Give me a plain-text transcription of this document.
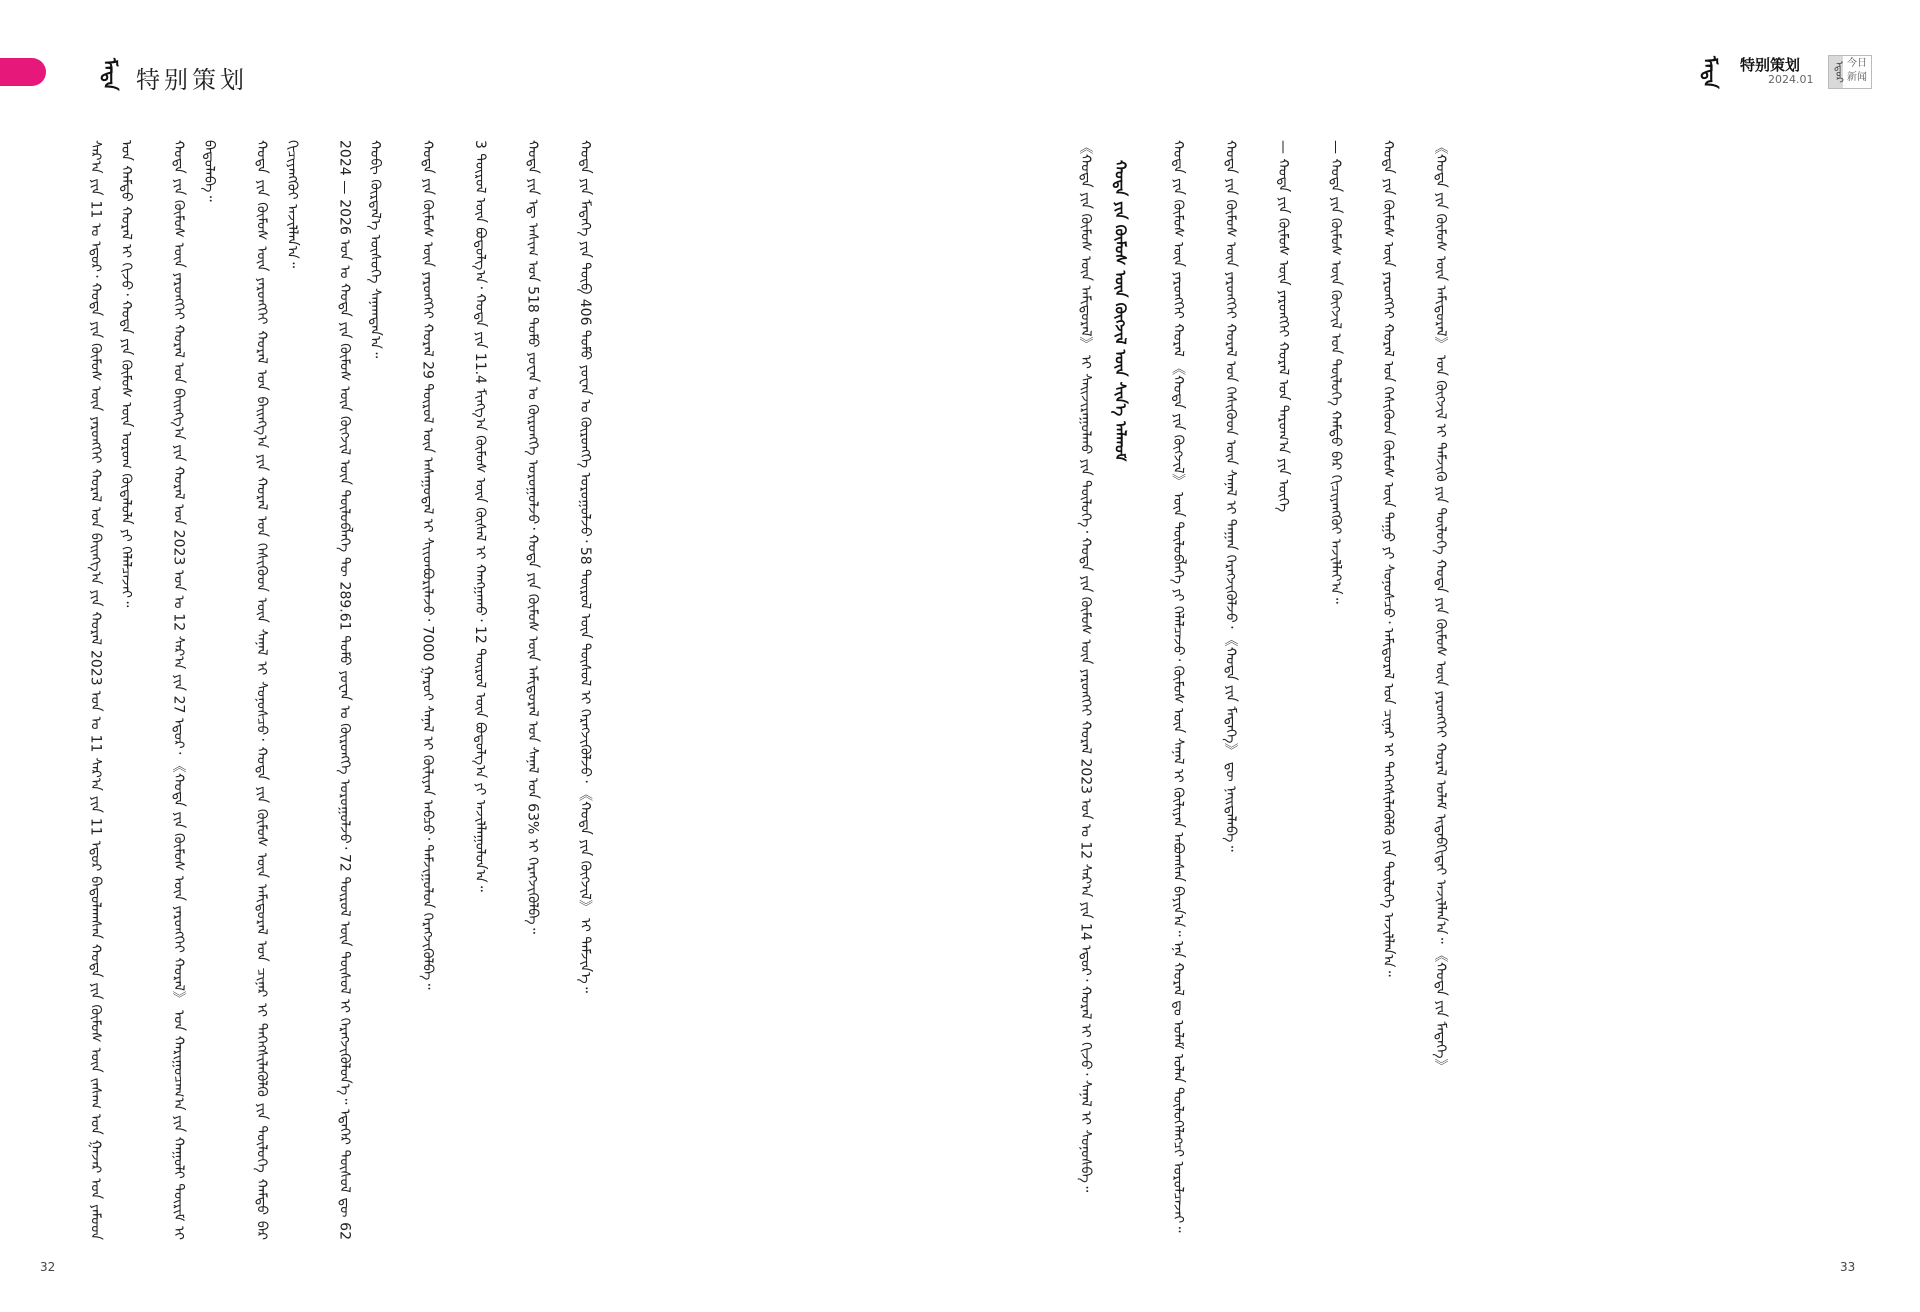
ᠮᠡᠳᠡ 特别策划
ᠰᠠᠷ᠎ᠠ ᠶᠢᠨ 11 ᠤ ᠡᠳᠦᠷ᠂ ᠬᠤᠲᠠ ᠶᠢᠨ ᠬᠦᠮᠦᠰ ᠦᠨ ᠶᠡᠷᠦᠩᠬᠡᠢ ᠬᠤᠷᠠᠯ ᠤᠨ ᠪᠠᠢᠩᠭ᠎ᠠ ᠶᠢᠨ ᠬᠤᠷᠠᠯ 2023 ᠤᠨ ᠤ 11 ᠰᠠᠷ᠎ᠠ ᠶᠢᠨ 11 ᠡᠳᠦᠷ ᠪᠠᠳᠤᠯᠠᠭᠰᠠᠨ ᠬᠤᠲᠠ ᠶᠢᠨ ᠬᠦᠮᠦᠰ ᠦᠨ ᠵᠠᠰᠠᠭ ᠤᠨ ᠭᠠᠵᠠᠷ ᠤᠨ ᠶᠠᠮᠤᠳ ᠤᠨ ᠬᠠᠮᠲᠤ ᠬᠤᠷᠠᠯ ᠢ ᠬᠢᠵᠦ᠂ ᠬᠤᠲᠠ ᠶᠢᠨ ᠬᠦᠮᠦᠰ ᠦᠨ ᠤᠷᠤᠬ ᠬᠦᠳᠡᠯᠦᠯᠡ ᠶᠢ ᠬᠡᠯᠡᠯᠴᠡᠵᠡᠢ᠃	ᠬᠤᠲᠠ ᠶᠢᠨ ᠬᠦᠮᠦᠰ ᠦᠨ ᠶᠡᠷᠦᠩᠬᠡᠢ ᠬᠤᠷᠠᠯ ᠤᠨ ᠪᠠᠢᠩᠭ᠎ᠠ ᠶᠢᠨ ᠬᠤᠷᠠᠯ ᠤᠨ 2023 ᠤᠨ ᠤ 12 ᠰᠠᠷ᠎ᠠ ᠶᠢᠨ 27 ᠡᠳᠦᠷ᠂ 《ᠬᠤᠲᠠ ᠶᠢᠨ ᠬᠦᠮᠦᠰ ᠦᠨ ᠶᠡᠷᠦᠩᠬᠡᠢ ᠬᠤᠷᠠᠯ》 ᠤᠨ ᠬᠠᠷᠢᠭᠤᠴᠠᠭ᠎ᠠ ᠶᠢᠨ ᠬᠠᠭᠤᠯᠢ ᠳᠦᠷᠢᠮ ᠢ ᠪᠠᠲᠤᠯᠠᠪᠠ᠃	ᠬᠤᠲᠠ ᠶᠢᠨ ᠬᠦᠮᠦᠰ ᠦᠨ ᠶᠡᠷᠦᠩᠬᠡᠢ ᠬᠤᠷᠠᠯ ᠤᠨ ᠪᠠᠢᠩᠭ᠎ᠠ ᠶᠢᠨ ᠬᠤᠷᠠᠯ ᠤᠨ ᠭᠡᠰᠢᠭᠦᠳ ᠦᠨ ᠰᠠᠨᠠᠯ ᠢ ᠰᠤᠨᠤᠰᠴᠤ᠂ ᠬᠤᠲᠠ ᠶᠢᠨ ᠬᠦᠮᠦᠰ ᠦᠨ ᠠᠮᠢᠳᠤᠷᠠᠯ ᠤᠨ ᠴᠢᠨᠠᠷ ᠢ ᠳᠡᠭᠡᠭᠰᠢᠯᠡᠭᠦᠯᠬᠦ ᠶᠢᠨ ᠲᠥᠯᠥᠭᠡ ᠬᠠᠮᠲᠤ ᠪᠠᠷ ᠬᠢᠴᠢᠶᠡᠩᠭᠦᠢ ᠠᠵᠢᠯᠯᠠᠨ᠎ᠠ᠃	2024 — 2026 ᠤᠨ ᠤ ᠬᠤᠲᠠ ᠶᠢᠨ ᠬᠦᠮᠦᠰ ᠦᠨ ᠬᠥᠭᠵᠢᠯ ᠦᠨ ᠲᠥᠯᠥᠪᠯᠡᠭᠡ ᠲᠦ 289.61 ᠲᠤᠮᠤ ᠶᠤᠸᠠᠨ ᠤ ᠬᠥᠷᠥᠩᠭᠡ ᠣᠷᠤᠭᠤᠯᠵᠤ᠂ 72 ᠲᠦᠷᠦᠯ ᠦᠨ ᠲᠥᠰᠥᠯ ᠢ ᠬᠡᠷᠡᠭᠵᠢᠭᠦᠯᠦᠨ᠎ᠡ᠃ ᠡᠳᠡᠭᠡᠷ ᠲᠥᠰᠥᠯ ᠳᠦ 62 ᠬᠤᠪᠢ ᠬᠦᠷᠲᠡᠯ᠎ᠡ ᠥᠰᠦᠭᠡ ᠰᠠᠨᠠᠭᠳᠠᠨ᠎ᠠ᠃	ᠬᠤᠲᠠ ᠶᠢᠨ ᠬᠦᠮᠦᠰ ᠦᠨ ᠶᠡᠷᠦᠩᠬᠡᠢ ᠬᠤᠷᠠᠯ 29 ᠲᠦᠷᠦᠯ ᠦᠨ ᠠᠰᠠᠭᠤᠳᠠᠯ ᠢ ᠰᠢᠢᠳᠪᠦᠷᠢᠯᠡᠵᠦ᠂ 7000 ᠭᠠᠷᠤᠢ ᠰᠠᠨᠠᠯ ᠢ ᠬᠦᠯᠢᠶᠡᠨ ᠠᠪᠴᠤ᠂ ᠳᠠᠮᠵᠢᠭᠤᠯᠤᠨ ᠬᠡᠷᠡᠭᠵᠢᠭᠦᠯᠪᠡ᠃	3 ᠲᠦᠷᠦᠯ ᠦᠨ ᠪᠣᠳᠣᠯᠭ᠎ᠠ᠂ ᠬᠤᠲᠠ ᠶᠢᠨ 11.4 ᠮᠢᠩᠭ᠎ᠠ ᠬᠦᠮᠦᠰ ᠦᠨ ᠬᠦᠰᠡᠯ ᠢ ᠬᠠᠩᠭᠠᠬᠤ᠂ 12 ᠲᠦᠷᠦᠯ ᠦᠨ ᠪᠣᠳᠣᠯᠭ᠎ᠠ ᠶᠢ ᠠᠵᠢᠯᠯᠠᠭᠤᠯᠤᠨ᠎ᠠ᠃	ᠬᠤᠲᠠ ᠶᠢᠨ ᠡᠳ᠋ ᠠᠰᠢᠭ ᠤᠨ 518 ᠲᠤᠮᠤ ᠶᠤᠸᠠᠨ ᠤ ᠬᠥᠷᠥᠩᠭᠡ ᠣᠷᠤᠭᠤᠯᠵᠤ᠂ ᠬᠤᠲᠠ ᠶᠢᠨ ᠬᠦᠮᠦᠰ ᠦᠨ ᠠᠮᠢᠳᠤᠷᠠᠯ ᠤᠨ ᠰᠠᠨᠠᠯ ᠤᠨ 63% ᠢ ᠬᠡᠷᠡᠭᠵᠢᠭᠦᠯᠪᠡ᠃	ᠬᠤᠲᠠ ᠶᠢᠨ ᠮᠡᠳᠡᠭᠡ ᠶᠢᠨ ᠲᠥᠪ 406 ᠲᠤᠮᠤ ᠶᠤᠸᠠᠨ ᠤ ᠬᠥᠷᠥᠩᠭᠡ ᠣᠷᠤᠭᠤᠯᠵᠤ᠂ 58 ᠲᠦᠷᠦᠯ ᠦᠨ ᠲᠥᠰᠥᠯ ᠢ ᠬᠡᠷᠡᠭᠵᠢᠭᠦᠯᠵᠦ᠂ 《ᠬᠤᠲᠠ ᠶᠢᠨ ᠬᠥᠭᠵᠢᠯ》 ᠢ ᠳᠡᠮᠵᠢᠨ᠎ᠡ᠃
32
ᠮᠡᠳᠡ 特别策划
2024.01	ᠡᠳᠦᠷ 今日
新闻
《ᠬᠤᠲᠠ ᠶᠢᠨ ᠬᠦᠮᠦᠰ ᠦᠨ ᠠᠮᠢᠳᠤᠷᠠᠯ》 ᠢ ᠰᠠᠢᠵᠢᠷᠠᠭᠤᠯᠬᠤ ᠶᠢᠨ ᠲᠥᠯᠥᠭᠡ᠂ ᠬᠤᠲᠠ ᠶᠢᠨ ᠬᠦᠮᠦᠰ ᠦᠨ ᠶᠡᠷᠦᠩᠬᠡᠢ ᠬᠤᠷᠠᠯ 2023 ᠤᠨ ᠤ 12 ᠰᠠᠷ᠎ᠠ ᠶᠢᠨ 14 ᠡᠳᠦᠷ᠂ ᠬᠤᠷᠠᠯ ᠢ ᠬᠢᠵᠦ᠂ ᠰᠠᠨᠠᠯ ᠢ ᠰᠤᠨᠤᠰᠪᠠ᠃	ᠬᠤᠲᠠ ᠶᠢᠨ ᠬᠦᠮᠦᠰ ᠦᠨ ᠬᠥᠭᠵᠢᠯ ᠦᠨ ᠰᠢᠨ᠎ᠡ ᠠᠯᠬᠤᠮ	ᠬᠤᠲᠠ ᠶᠢᠨ ᠬᠦᠮᠦᠰ ᠦᠨ ᠶᠡᠷᠦᠩᠬᠡᠢ ᠬᠤᠷᠠᠯ 《ᠬᠤᠲᠠ ᠶᠢᠨ ᠬᠥᠭᠵᠢᠯ》 ᠦᠨ ᠲᠥᠯᠥᠪᠯᠡᠭᠡ ᠶᠢ ᠬᠡᠯᠡᠯᠴᠡᠵᠦ᠂ ᠬᠦᠮᠦᠰ ᠦᠨ ᠰᠠᠨᠠᠯ ᠢ ᠬᠦᠯᠢᠶᠡᠨ ᠠᠪᠤᠭᠰᠠᠨ ᠪᠠᠶᠢᠨ᠎ᠠ᠃ ᠡᠨᠡ ᠬᠤᠷᠠᠯ ᠳᠤ ᠤᠯᠠᠮ ᠣᠯᠠᠨ ᠲᠥᠯᠥᠭᠡᠯᠡᠭᠴᠢ ᠣᠷᠤᠯᠴᠠᠵᠠᠢ᠃	ᠬᠤᠲᠠ ᠶᠢᠨ ᠬᠦᠮᠦᠰ ᠦᠨ ᠶᠡᠷᠦᠩᠬᠡᠢ ᠬᠤᠷᠠᠯ ᠤᠨ ᠭᠡᠰᠢᠭᠦᠳ ᠦᠨ ᠰᠠᠨᠠᠯ ᠢ ᠳᠠᠭᠠᠨ ᠬᠡᠷᠡᠭᠵᠢᠭᠦᠯᠵᠦ᠂ 《ᠬᠤᠲᠠ ᠶᠢᠨ ᠮᠡᠳᠡᠭᠡ》 ᠳᠦ ᠨᠡᠢᠲᠡᠯᠡᠪᠡ᠃	— ᠬᠤᠲᠠ ᠶᠢᠨ ᠬᠦᠮᠦᠰ ᠦᠨ ᠶᠡᠷᠦᠩᠬᠡᠢ ᠬᠤᠷᠠᠯ ᠤᠨ ᠳᠠᠷᠤᠭ᠎ᠠ ᠶᠢᠨ ᠦᠭᠡ	— ᠬᠤᠲᠠ ᠶᠢᠨ ᠬᠦᠮᠦᠰ ᠦᠨ ᠬᠥᠭᠵᠢᠯ ᠤᠨ ᠲᠥᠯᠥᠭᠡ ᠬᠠᠮᠲᠤ ᠪᠠᠷ ᠬᠢᠴᠢᠶᠡᠩᠭᠦᠢ ᠠᠵᠢᠯᠯᠠᠶ᠎ᠠ᠃	ᠬᠤᠲᠠ ᠶᠢᠨ ᠬᠦᠮᠦᠰ ᠦᠨ ᠶᠡᠷᠦᠩᠬᠡᠢ ᠬᠤᠷᠠᠯ ᠤᠨ ᠭᠡᠰᠢᠭᠦᠳ ᠬᠦᠮᠦᠰ ᠦᠨ ᠳᠠᠭᠤ ᠶᠢ ᠰᠣᠨᠣᠰᠴᠤ᠂ ᠠᠮᠢᠳᠤᠷᠠᠯ ᠤᠨ ᠴᠢᠨᠠᠷ ᠢ ᠳᠡᠭᠡᠭᠰᠢᠯᠡᠭᠦᠯᠬᠦ ᠶᠢᠨ ᠲᠥᠯᠥᠭᠡ ᠠᠵᠢᠯᠯᠠᠨ᠎ᠠ᠃	《ᠬᠤᠲᠠ ᠶᠢᠨ ᠬᠦᠮᠦᠰ ᠦᠨ ᠠᠮᠢᠳᠤᠷᠠᠯ》 ᠤᠨ ᠬᠥᠭᠵᠢᠯ ᠢ ᠳᠡᠮᠵᠢᠬᠦ ᠶᠢᠨ ᠲᠥᠯᠥᠭᠡ ᠬᠤᠲᠠ ᠶᠢᠨ ᠬᠦᠮᠦᠰ ᠦᠨ ᠶᠡᠷᠦᠩᠬᠡᠢ ᠬᠤᠷᠠᠯ ᠤᠯᠠᠮ ᠢᠳᠡᠪᠬᠢᠲᠡᠢ ᠠᠵᠢᠯᠯᠠᠨ᠎ᠠ᠃ 《ᠬᠤᠲᠠ ᠶᠢᠨ ᠮᠡᠳᠡᠭᠡ》
33
